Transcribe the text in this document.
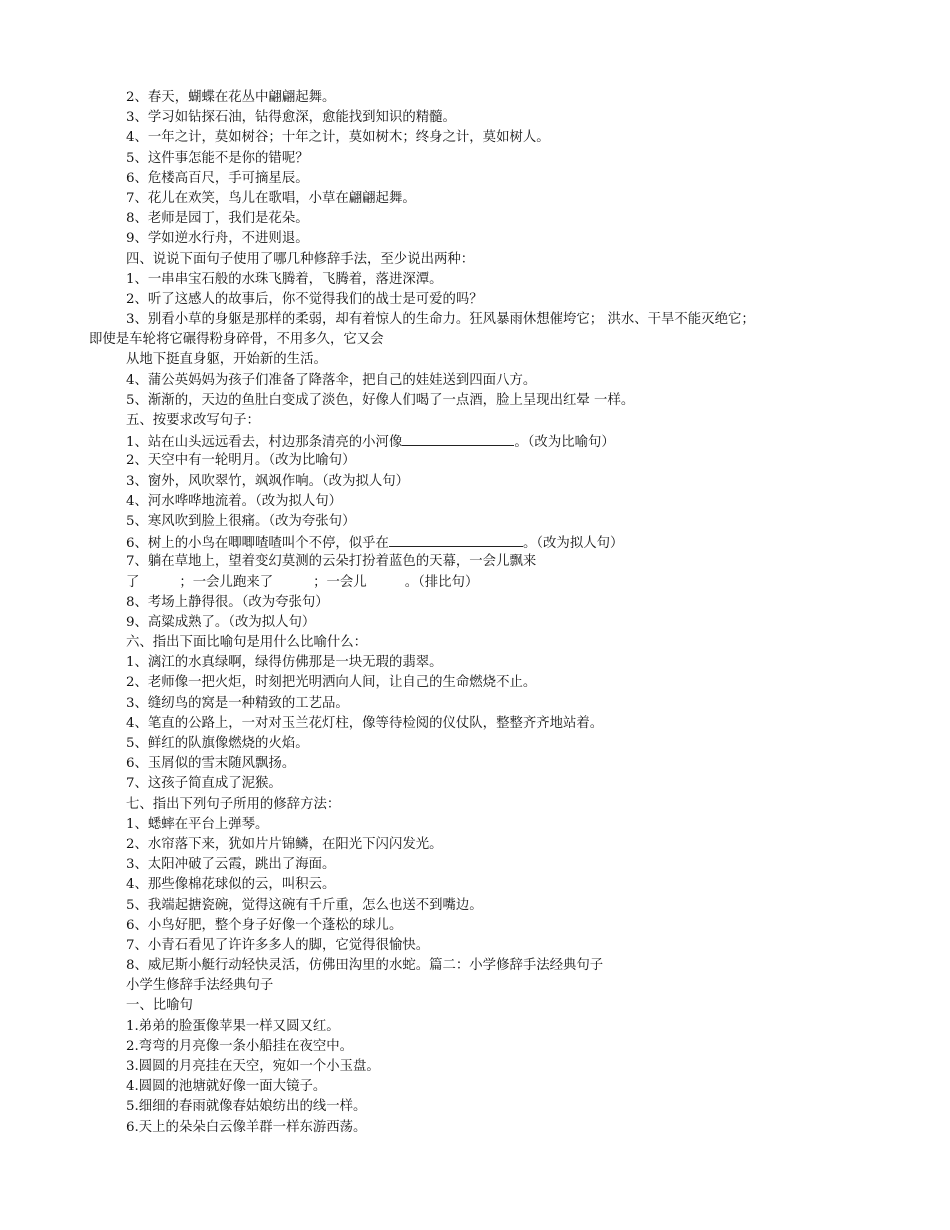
2、春天，蝴蝶在花丛中翩翩起舞。
3、学习如钻探石油，钻得愈深，愈能找到知识的精髓。
4、一年之计，莫如树谷；十年之计，莫如树木；终身之计，莫如树人。
5、这件事怎能不是你的错呢？
6、危楼高百尺，手可摘星辰。
7、花儿在欢笑，鸟儿在歌唱，小草在翩翩起舞。
8、老师是园丁，我们是花朵。
9、学如逆水行舟，不进则退。
四、说说下面句子使用了哪几种修辞手法，至少说出两种：
1、一串串宝石般的水珠飞腾着，飞腾着，落进深潭。
2、听了这感人的故事后，你不觉得我们的战士是可爱的吗？
3、别看小草的身躯是那样的柔弱，却有着惊人的生命力。狂风暴雨休想催垮它； 洪水、干旱不能灭绝它；
即使是车轮将它碾得粉身碎骨，不用多久，它又会
从地下挺直身躯，开始新的生活。
4、蒲公英妈妈为孩子们准备了降落伞，把自己的娃娃送到四面八方。
5、渐渐的，天边的鱼肚白变成了淡色，好像人们喝了一点酒，脸上呈现出红晕 一样。
五、按要求改写句子：
1、站在山头远远看去，村边那条清亮的小河像	。（改为比喻句）
2、天空中有一轮明月。（改为比喻句）
3、窗外，风吹翠竹，飒飒作响。（改为拟人句）
4、河水哗哗地流着。（改为拟人句）
5、寒风吹到脸上很痛。（改为夸张句）
6、树上的小鸟在唧唧喳喳叫个不停，似乎在	。（改为拟人句）
7、躺在草地上，望着变幻莫测的云朵打扮着蓝色的天幕，一会儿飘来
了	；一会儿跑来了	；一会儿	。（排比句）
8、考场上静得很。（改为夸张句）
9、高粱成熟了。（改为拟人句）
六、指出下面比喻句是用什么比喻什么：
1、漓江的水真绿啊，绿得仿佛那是一块无瑕的翡翠。
2、老师像一把火炬，时刻把光明洒向人间，让自己的生命燃烧不止。
3、缝纫鸟的窝是一种精致的工艺品。
4、笔直的公路上，一对对玉兰花灯柱，像等待检阅的仪仗队，整整齐齐地站着。
5、鲜红的队旗像燃烧的火焰。
6、玉屑似的雪末随风飘扬。
7、这孩子简直成了泥猴。
七、指出下列句子所用的修辞方法：
1、蟋蟀在平台上弹琴。
2、水帘落下来，犹如片片锦鳞，在阳光下闪闪发光。
3、太阳冲破了云霞，跳出了海面。
4、那些像棉花球似的云，叫积云。
5、我端起搪瓷碗，觉得这碗有千斤重，怎么也送不到嘴边。
6、小鸟好肥，整个身子好像一个蓬松的球儿。
7、小青石看见了许许多多人的脚，它觉得很愉快。
8、威尼斯小艇行动轻快灵活，仿佛田沟里的水蛇。篇二：小学修辞手法经典句子
小学生修辞手法经典句子
一、比喻句
1.弟弟的脸蛋像苹果一样又圆又红。
2.弯弯的月亮像一条小船挂在夜空中。
3.圆圆的月亮挂在天空，宛如一个小玉盘。
4.圆圆的池塘就好像一面大镜子。
5.细细的春雨就像春姑娘纺出的线一样。
6.天上的朵朵白云像羊群一样东游西荡。
